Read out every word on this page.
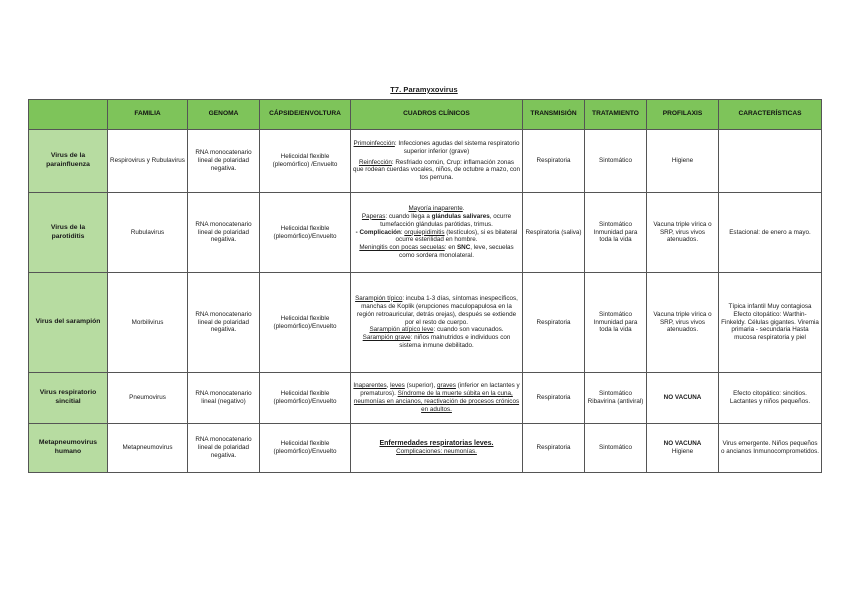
T7. Paramyxovirus
	FAMILIA	GENOMA	CÁPSIDE/ENVOLTURA	CUADROS CLÍNICOS	TRANSMISIÓN	TRATAMIENTO	PROFILAXIS	CARACTERÍSTICAS
Virus de la parainfluenza	Respirovirus y Rubulavirus	RNA monocatenario lineal de polaridad negativa.	Helicoidal flexible (pleomórfico) /Envuelto	Primoinfección: Infecciones agudas del sistema respiratorio superior inferior (grave)
Reinfección: Resfriado común, Crup: inflamación zonas que rodean cuerdas vocales, niños, de octubre a mazo, con tos perruna.	Respiratoria	Sintomático	Higiene	
Virus de la parotiditis	Rubulavirus	RNA monocatenario lineal de polaridad negativa.	Helicoidal flexible (pleomórfico)/Envuelto	Mayoría inaparente.
Paperas: cuando llega a glándulas salivares, ocurre tumefacción glándulas parótidas, trimus.
- Complicación: orquiepidimitis (testículos), si es bilateral ocurre esterilidad en hombre.
Meningitis con pocas secuelas: en SNC, leve, secuelas como sordera monolateral.	Respiratoria (saliva)	Sintomático Inmunidad para toda la vida	Vacuna triple vírica o SRP, virus vivos atenuados.	Estacional: de enero a mayo.
Virus del sarampión	Morbilivirus	RNA monocatenario lineal de polaridad negativa.	Helicoidal flexible (pleomórfico)/Envuelto	Sarampión típico: incuba 1-3 días, síntomas inespecíficos, manchas de Koplik (erupciones maculopapulosa en la región retroauricular, detrás orejas), después se extiende por el resto de cuerpo.
Sarampión atípico leve: cuando son vacunados.
Sarampión grave: niños malnutridos e individuos con sistema inmune debilitado.	Respiratoria	Sintomático Inmunidad para toda la vida	Vacuna triple vírica o SRP, virus vivos atenuados.	Típica infantil Muy contagiosa Efecto citopático: Warthin- Finkeldy. Células gigantes. Viremia primaria - secundaria Hasta mucosa respiratoria y piel
Virus respiratorio sincitial	Pneumovirus	RNA monocatenario lineal (negativo)	Helicoidal flexible (pleomórfico)/Envuelto	Inaparentes, leves (superior), graves (inferior en lactantes y prematuros). Síndrome de la muerte súbita en la cuna, neumonías en ancianos, reactivación de procesos crónicos en adultos.	Respiratoria	Sintomático Ribavirina (antiviral)	NO VACUNA	Efecto citopático: sincitios. Lactantes y niños pequeños.
Metapneumovirus humano	Metapneumovirus	RNA monocatenario lineal de polaridad negativa.	Helicoidal flexible (pleomórfico)/Envuelto	Enfermedades respiratorias leves.
Complicaciones: neumonías.	Respiratoria	Sintomático	NO VACUNA
Higiene	Virus emergente. Niños pequeños o ancianos Inmunocomprometidos.
